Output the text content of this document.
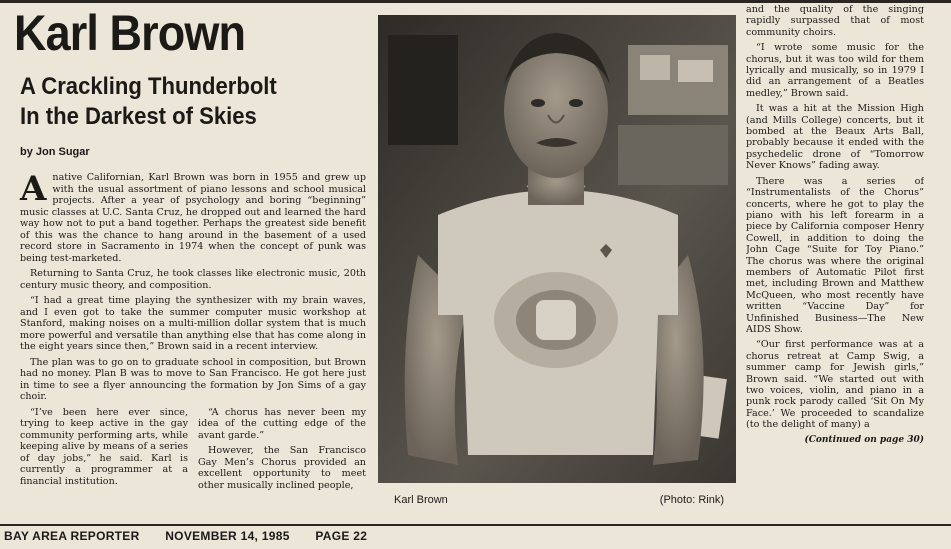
Karl Brown
A Crackling Thunderbolt
In the Darkest of Skies
by Jon Sugar

Anative Californian, Karl Brown was born in 1955 and grew up with the usual assortment of piano lessons and school musical projects. After a year of psychology and boring “beginning” music classes at U.C. Santa Cruz, he dropped out and learned the hard way how not to put a band together. Perhaps the greatest side benefit of this was the chance to hang around in the basement of a used record store in Sacramento in 1974 when the concept of punk was being test-marketed.

Returning to Santa Cruz, he took classes like electronic music, 20th century music theory, and composition.

“I had a great time playing the synthesizer with my brain waves, and I even got to take the summer computer music workshop at Stanford, making noises on a multi-million dollar system that is much more powerful and versatile than anything else that has come along in the eight years since then,” Brown said in a recent interview.

The plan was to go on to graduate school in composition, but Brown had no money. Plan B was to move to San Francisco. He got here just in time to see a flyer announcing the formation by Jon Sims of a gay choir.

“I’ve been here ever since, trying to keep active in the gay community performing arts, while keeping alive by means of a series of day jobs,” he said. Karl is currently a programmer at a financial institution.

“A chorus has never been my idea of the cutting edge of the avant garde.”

However, the San Francisco Gay Men’s Chorus provided an excellent opportunity to meet other musically inclined people,

Karl Brown	(Photo: Rink)

and the quality of the singing rapidly surpassed that of most community choirs.

“I wrote some music for the chorus, but it was too wild for them lyrically and musically, so in 1979 I did an arrangement of a Beatles medley,” Brown said.

It was a hit at the Mission High (and Mills College) concerts, but it bombed at the Beaux Arts Ball, probably because it ended with the psychedelic drone of “Tomorrow Never Knows” fading away.

There was a series of “Instrumentalists of the Chorus” concerts, where he got to play the piano with his left forearm in a piece by California composer Henry Cowell, in addition to doing the John Cage “Suite for Toy Piano.” The chorus was where the original members of Automatic Pilot first met, including Brown and Matthew McQueen, who most recently have written “Vaccine Day” for Unfinished Business—The New AIDS Show.

“Our first performance was at a chorus retreat at Camp Swig, a summer camp for Jewish girls,” Brown said. “We started out with two voices, violin, and piano in a punk rock parody called ‘Sit On My Face.’ We proceeded to scandalize (to the delight of many) a

(Continued on page 30)
BAY AREA REPORTER NOVEMBER 14, 1985 PAGE 22
